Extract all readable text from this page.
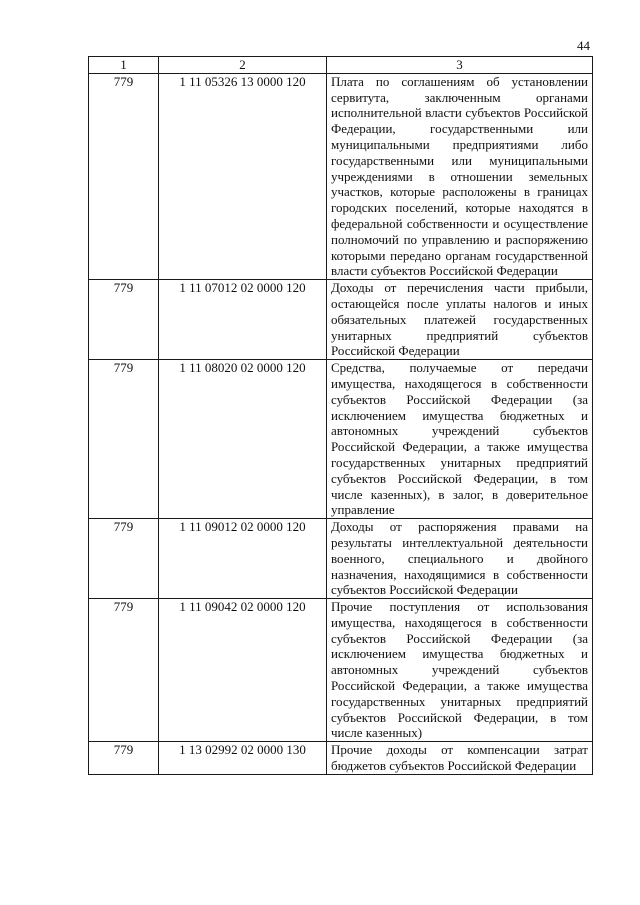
44
1	2	3
779	1 11 05326 13 0000 120	Плата по соглашениям об установлении сервитута, заключенным органами исполнительной власти субъектов Российской Федерации, государственными или муниципальными предприятиями либо государственными или муниципальными учреждениями в отношении земельных участков, которые расположены в границах городских поселений, которые находятся в федеральной собственности и осуществление полномочий по управлению и распоряжению которыми передано органам государственной власти субъектов Российской Федерации
779	1 11 07012 02 0000 120	Доходы от перечисления части прибыли, остающейся после уплаты налогов и иных обязательных платежей государственных унитарных предприятий субъектов Российской Федерации
779	1 11 08020 02 0000 120	Средства, получаемые от передачи имущества, находящегося в собственности субъектов Российской Федерации (за исключением имущества бюджетных и автономных учреждений субъектов Российской Федерации, а также имущества государственных унитарных предприятий субъектов Российской Федерации, в том числе казенных), в залог, в доверительное управление
779	1 11 09012 02 0000 120	Доходы от распоряжения правами на результаты интеллектуальной деятельности военного, специального и двойного назначения, находящимися в собственности субъектов Российской Федерации
779	1 11 09042 02 0000 120	Прочие поступления от использования имущества, находящегося в собственности субъектов Российской Федерации (за исключением имущества бюджетных и автономных учреждений субъектов Российской Федерации, а также имущества государственных унитарных предприятий субъектов Российской Федерации, в том числе казенных)
779	1 13 02992 02 0000 130	Прочие доходы от компенсации затрат бюджетов субъектов Российской Федерации
